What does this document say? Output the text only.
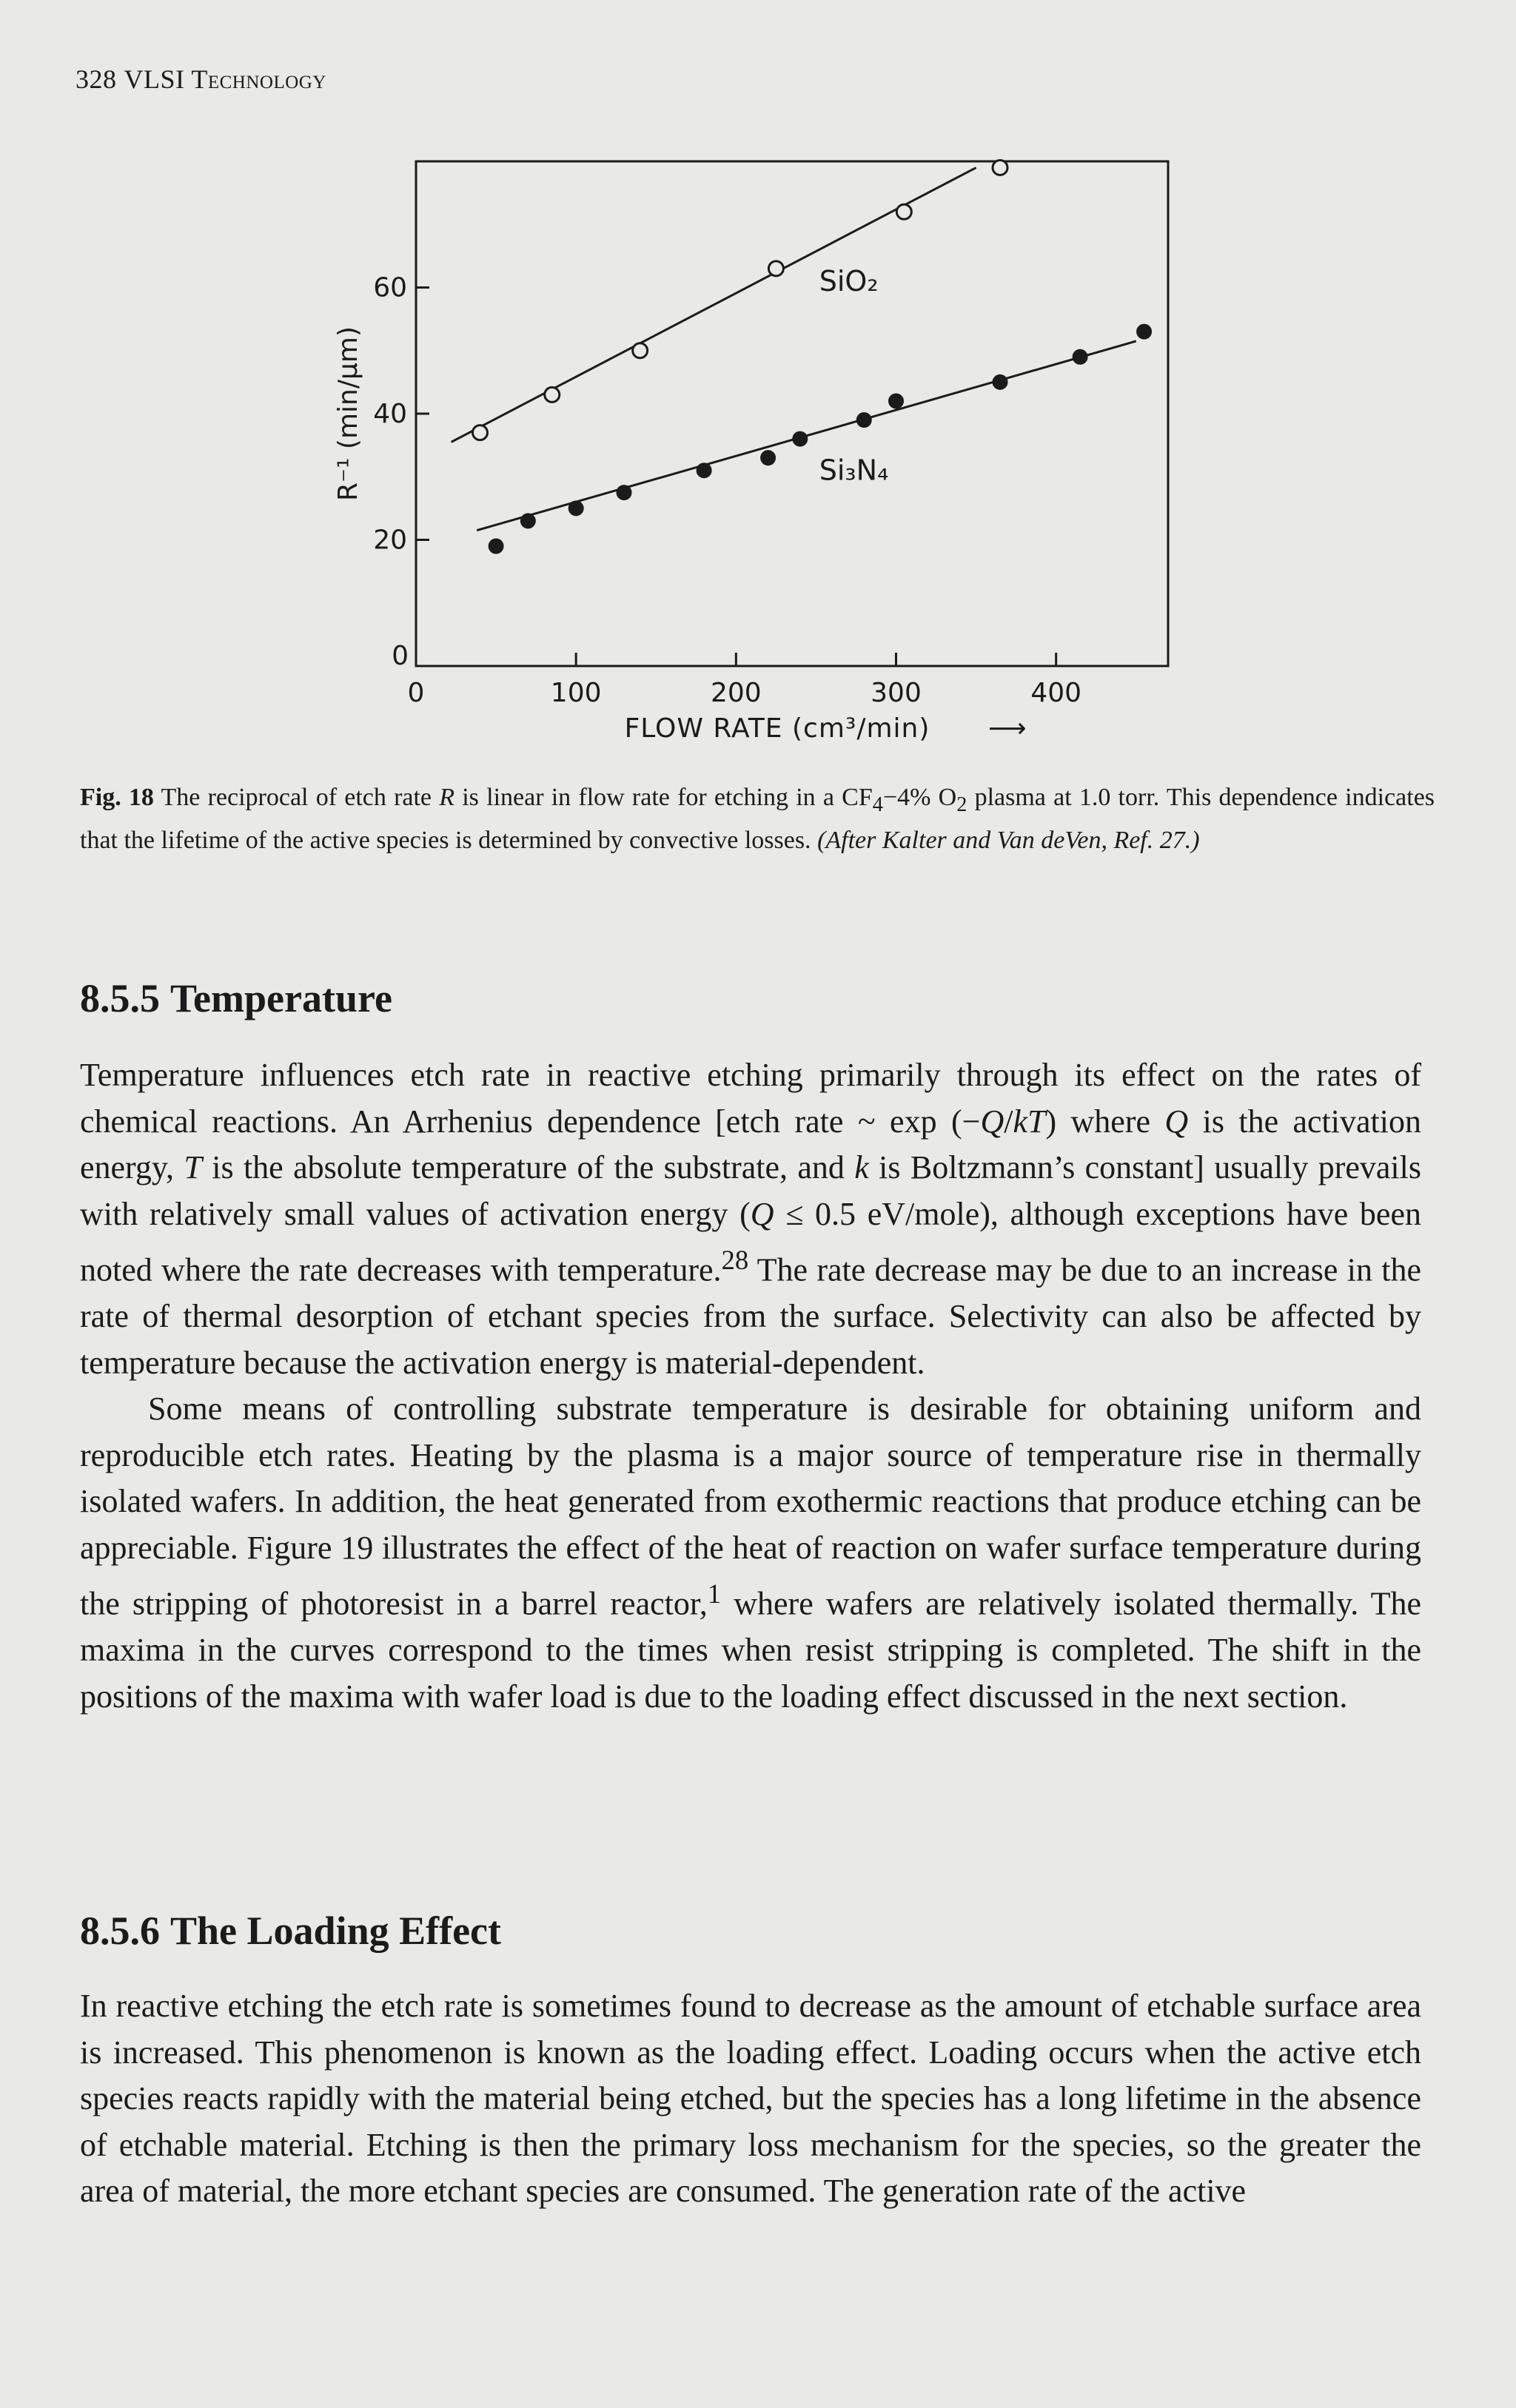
328 VLSI Technology
0	100	200	300	400
0
20
40
60
FLOW RATE (cm³/min) ⟶
R⁻¹ (min/µm)
SiO₂
Si₃N₄
Fig. 18 The reciprocal of etch rate R is linear in flow rate for etching in a $CF_4-4\%$ $O_2$ plasma at 1.0 torr. This dependence indicates that the lifetime of the active species is determined by convective losses. (After Kalter and Van deVen, Ref. 27.)
8.5.5 Temperature

Temperature influences etch rate in reactive etching primarily through its effect on the rates of chemical reactions. An Arrhenius dependence [etch rate ~ exp (−Q/kT) where Q is the activation energy, T is the absolute temperature of the substrate, and k is Boltzmann’s constant] usually prevails with relatively small values of activation energy (Q ≤ 0.5 eV/mole), although exceptions have been noted where the rate decreases with temperature.$^{28}$ The rate decrease may be due to an increase in the rate of thermal desorption of etchant species from the surface. Selectivity can also be affected by temperature because the activation energy is material-dependent.

Some means of controlling substrate temperature is desirable for obtaining uniform and reproducible etch rates. Heating by the plasma is a major source of temperature rise in thermally isolated wafers. In addition, the heat generated from exothermic reactions that produce etching can be appreciable. Figure 19 illustrates the effect of the heat of reaction on wafer surface temperature during the stripping of photoresist in a barrel reactor,$^1$ where wafers are relatively isolated thermally. The maxima in the curves correspond to the times when resist stripping is completed. The shift in the positions of the maxima with wafer load is due to the loading effect discussed in the next section.

8.5.6 The Loading Effect

In reactive etching the etch rate is sometimes found to decrease as the amount of etchable surface area is increased. This phenomenon is known as the loading effect. Loading occurs when the active etch species reacts rapidly with the material being etched, but the species has a long lifetime in the absence of etchable material. Etching is then the primary loss mechanism for the species, so the greater the area of material, the more etchant species are consumed. The generation rate of the active
